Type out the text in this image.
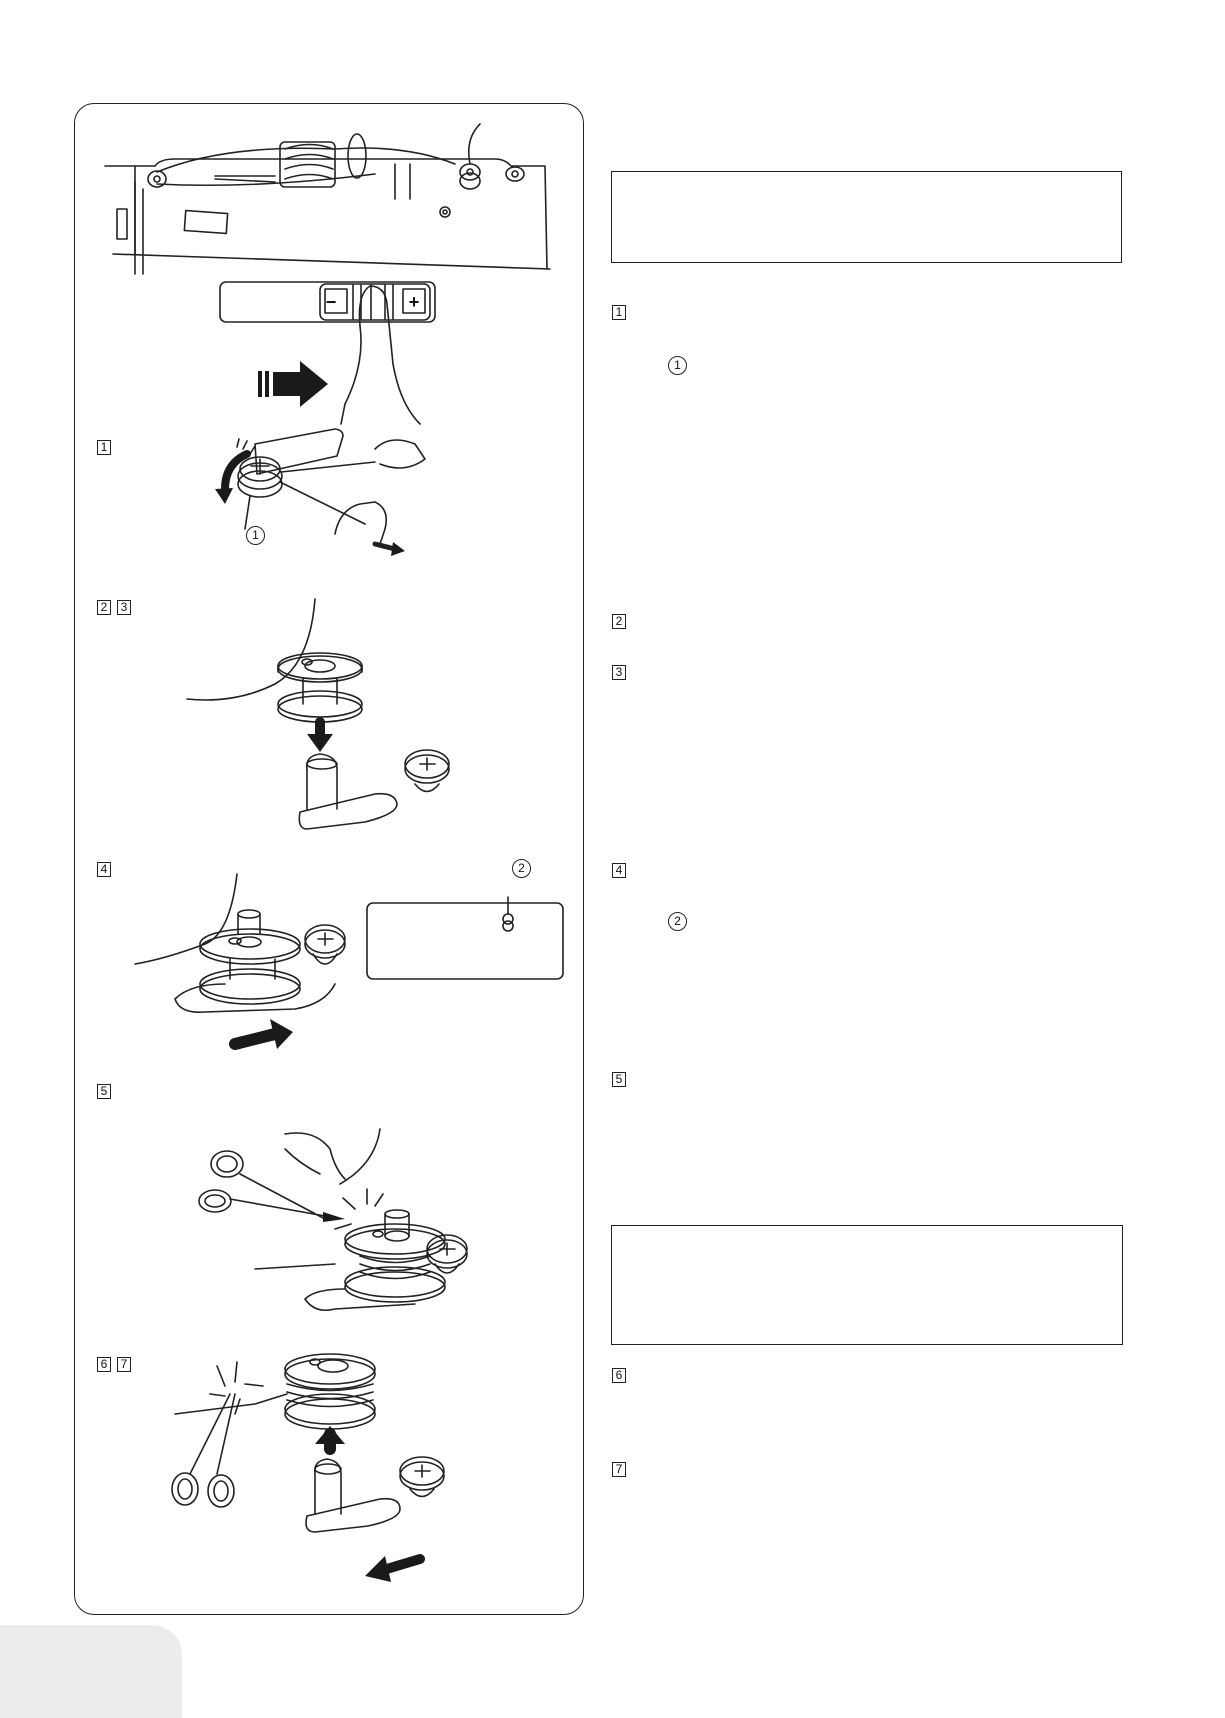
−	+
1
2	3
4
5
6	7
1
2
1
1
2
3
4
2
5
6
7
